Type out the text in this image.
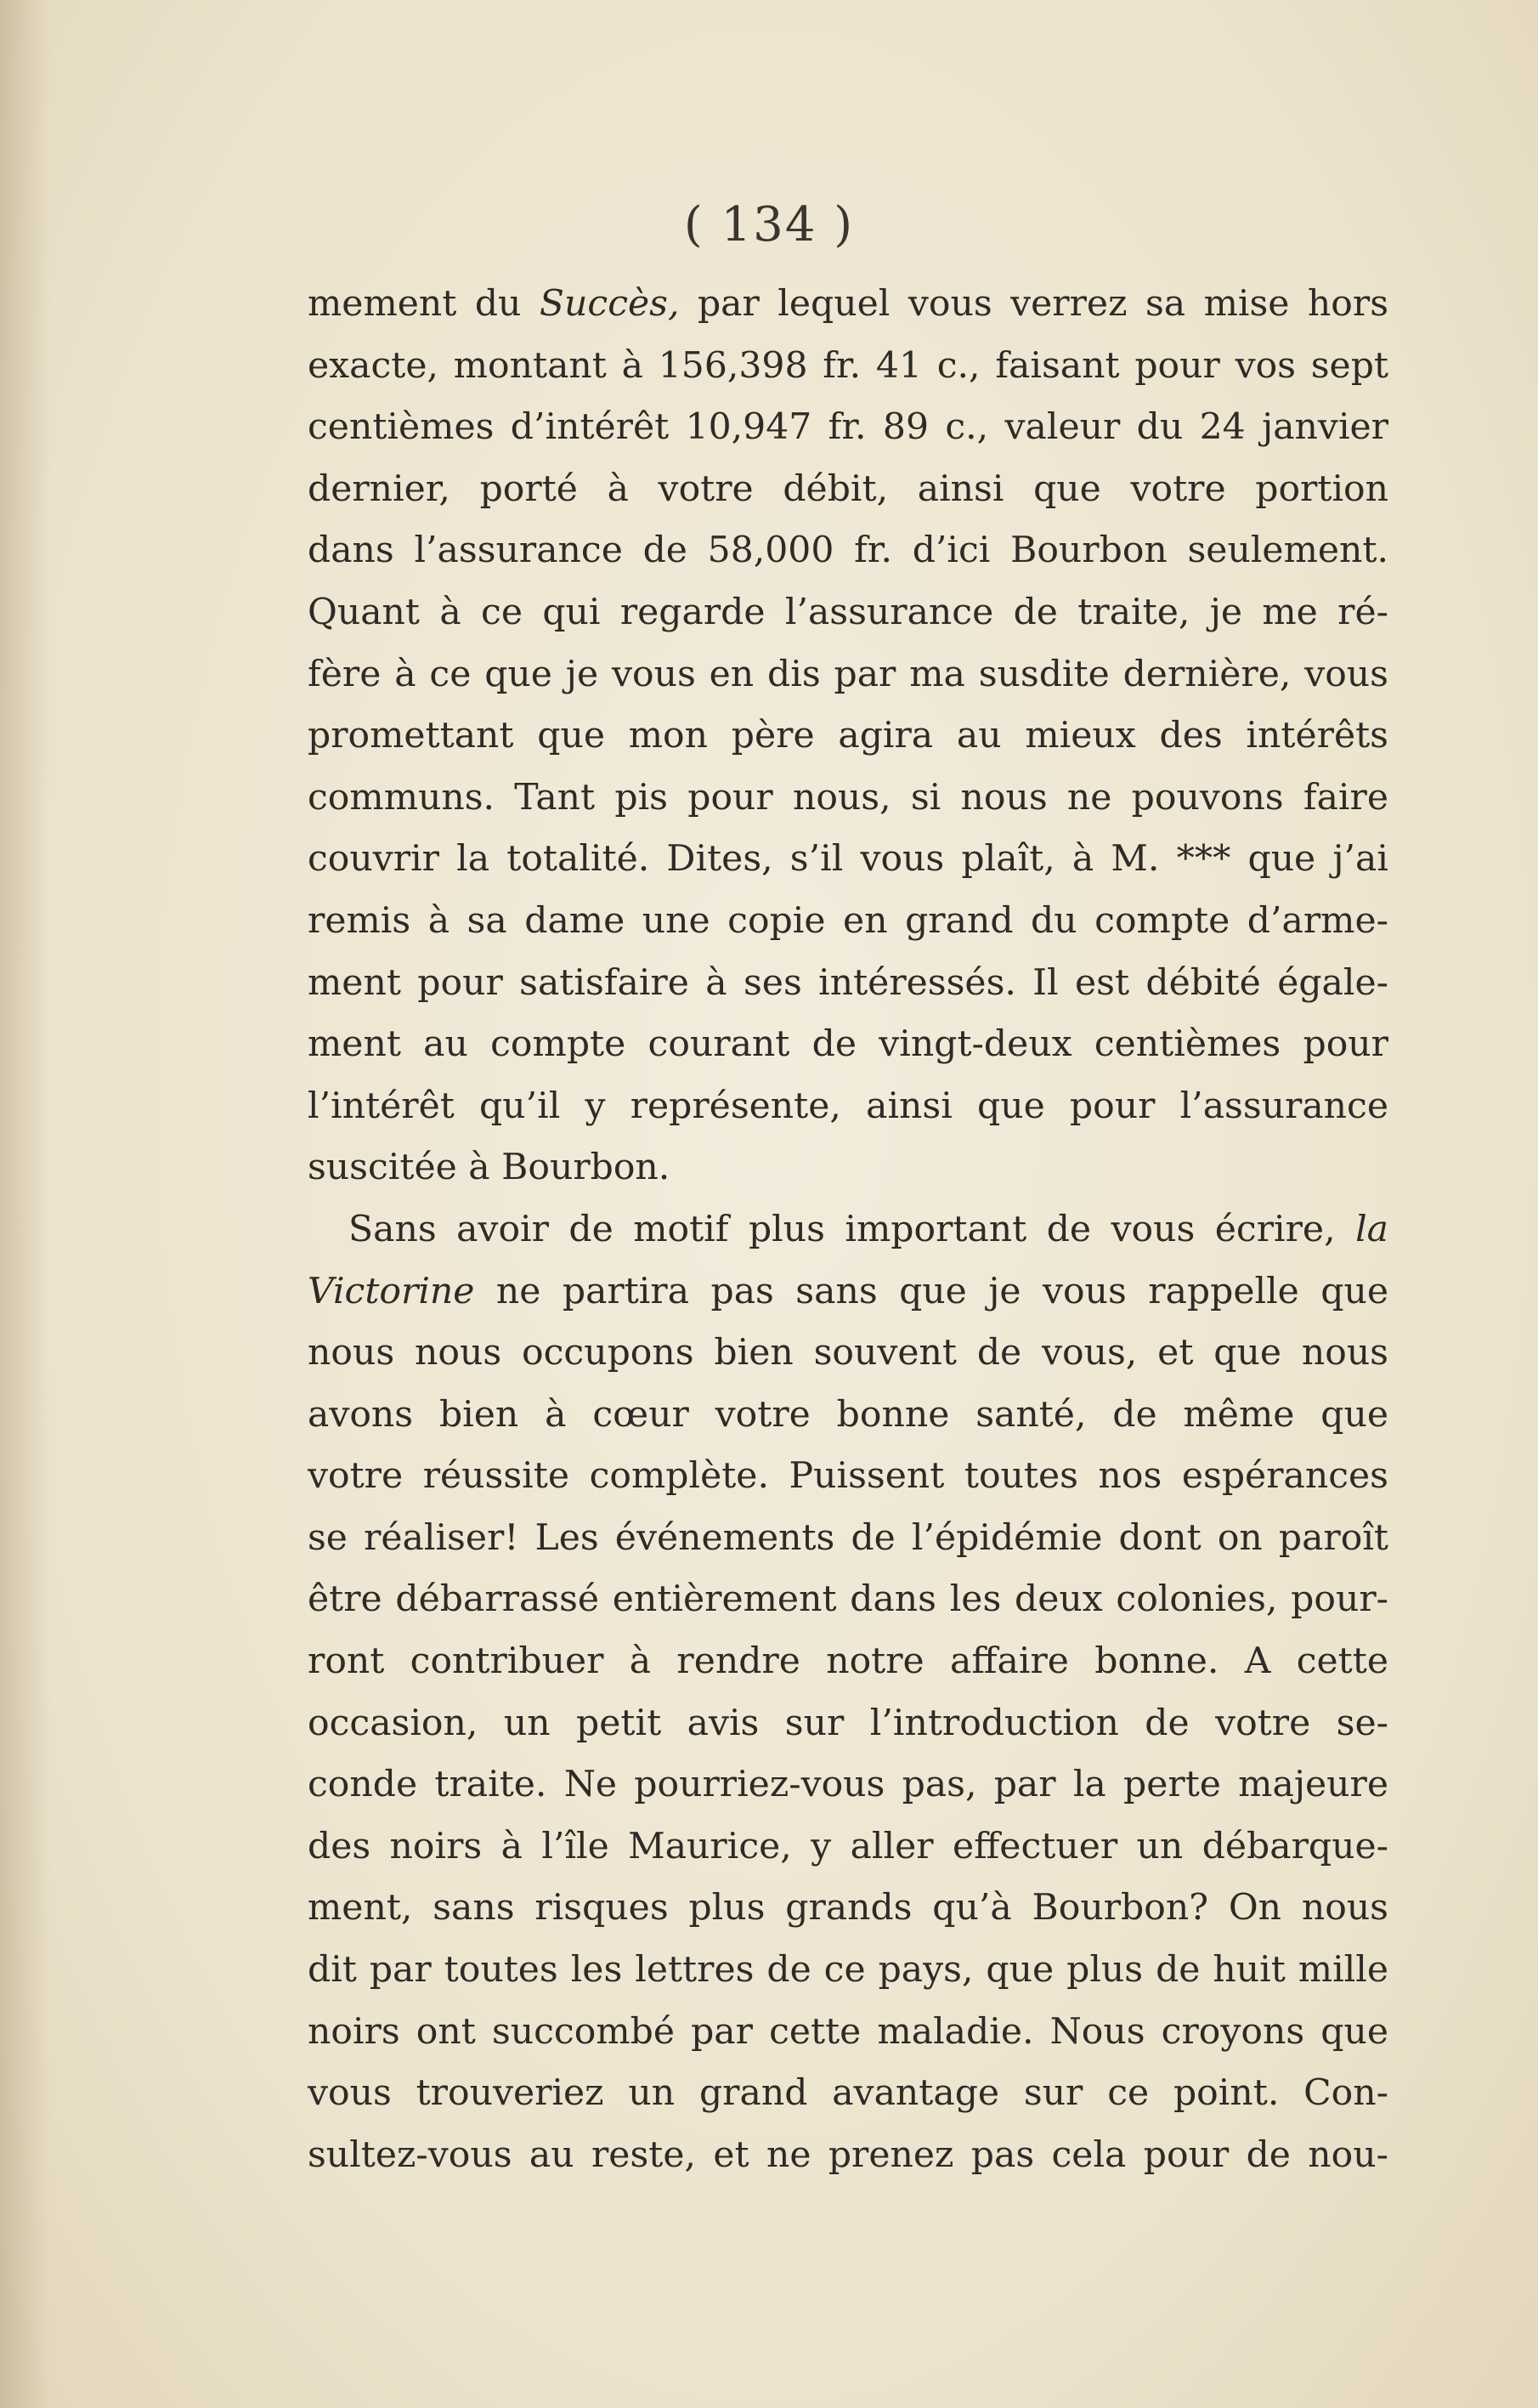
( 134 )
mement du Succès, par lequel vous verrez sa mise hors
exacte, montant à 156,398 fr. 41 c., faisant pour vos sept
centièmes d’intérêt 10,947 fr. 89 c., valeur du 24 janvier
dernier, porté à votre débit, ainsi que votre portion
dans l’assurance de 58,000 fr. d’ici Bourbon seulement.
Quant à ce qui regarde l’assurance de traite, je me ré-
fère à ce que je vous en dis par ma susdite dernière, vous
promettant que mon père agira au mieux des intérêts
communs. Tant pis pour nous, si nous ne pouvons faire
couvrir la totalité. Dites, s’il vous plaît, à M. *** que j’ai
remis à sa dame une copie en grand du compte d’arme-
ment pour satisfaire à ses intéressés. Il est débité égale-
ment au compte courant de vingt-deux centièmes pour
l’intérêt qu’il y représente, ainsi que pour l’assurance
suscitée à Bourbon.
Sans avoir de motif plus important de vous écrire, la
Victorine ne partira pas sans que je vous rappelle que
nous nous occupons bien souvent de vous, et que nous
avons bien à cœur votre bonne santé, de même que
votre réussite complète. Puissent toutes nos espérances
se réaliser! Les événements de l’épidémie dont on paroît
être débarrassé entièrement dans les deux colonies, pour-
ront contribuer à rendre notre affaire bonne. A cette
occasion, un petit avis sur l’introduction de votre se-
conde traite. Ne pourriez-vous pas, par la perte majeure
des noirs à l’île Maurice, y aller effectuer un débarque-
ment, sans risques plus grands qu’à Bourbon? On nous
dit par toutes les lettres de ce pays, que plus de huit mille
noirs ont succombé par cette maladie. Nous croyons que
vous trouveriez un grand avantage sur ce point. Con-
sultez-vous au reste, et ne prenez pas cela pour de nou-
